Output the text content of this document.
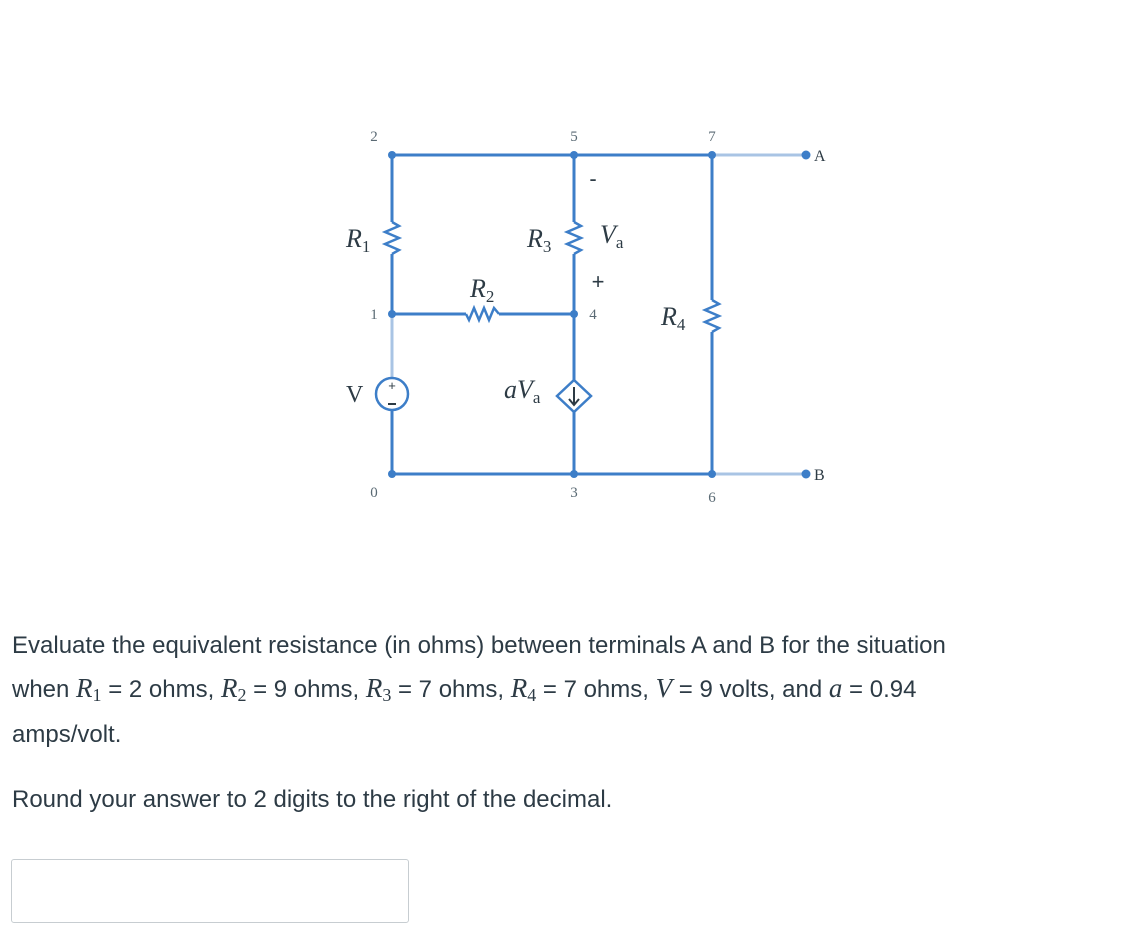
2	5	7
1	4
0	3	6
A
B
R1	R3 Va
R2
R4
V	aVa
-
+
+

Evaluate the equivalent resistance (in ohms) between terminals A and B for the situation
when R1 = 2 ohms, R2 = 9 ohms, R3 = 7 ohms, R4 = 7 ohms, V = 9 volts, and a = 0.94
amps/volt.

Round your answer to 2 digits to the right of the decimal.
